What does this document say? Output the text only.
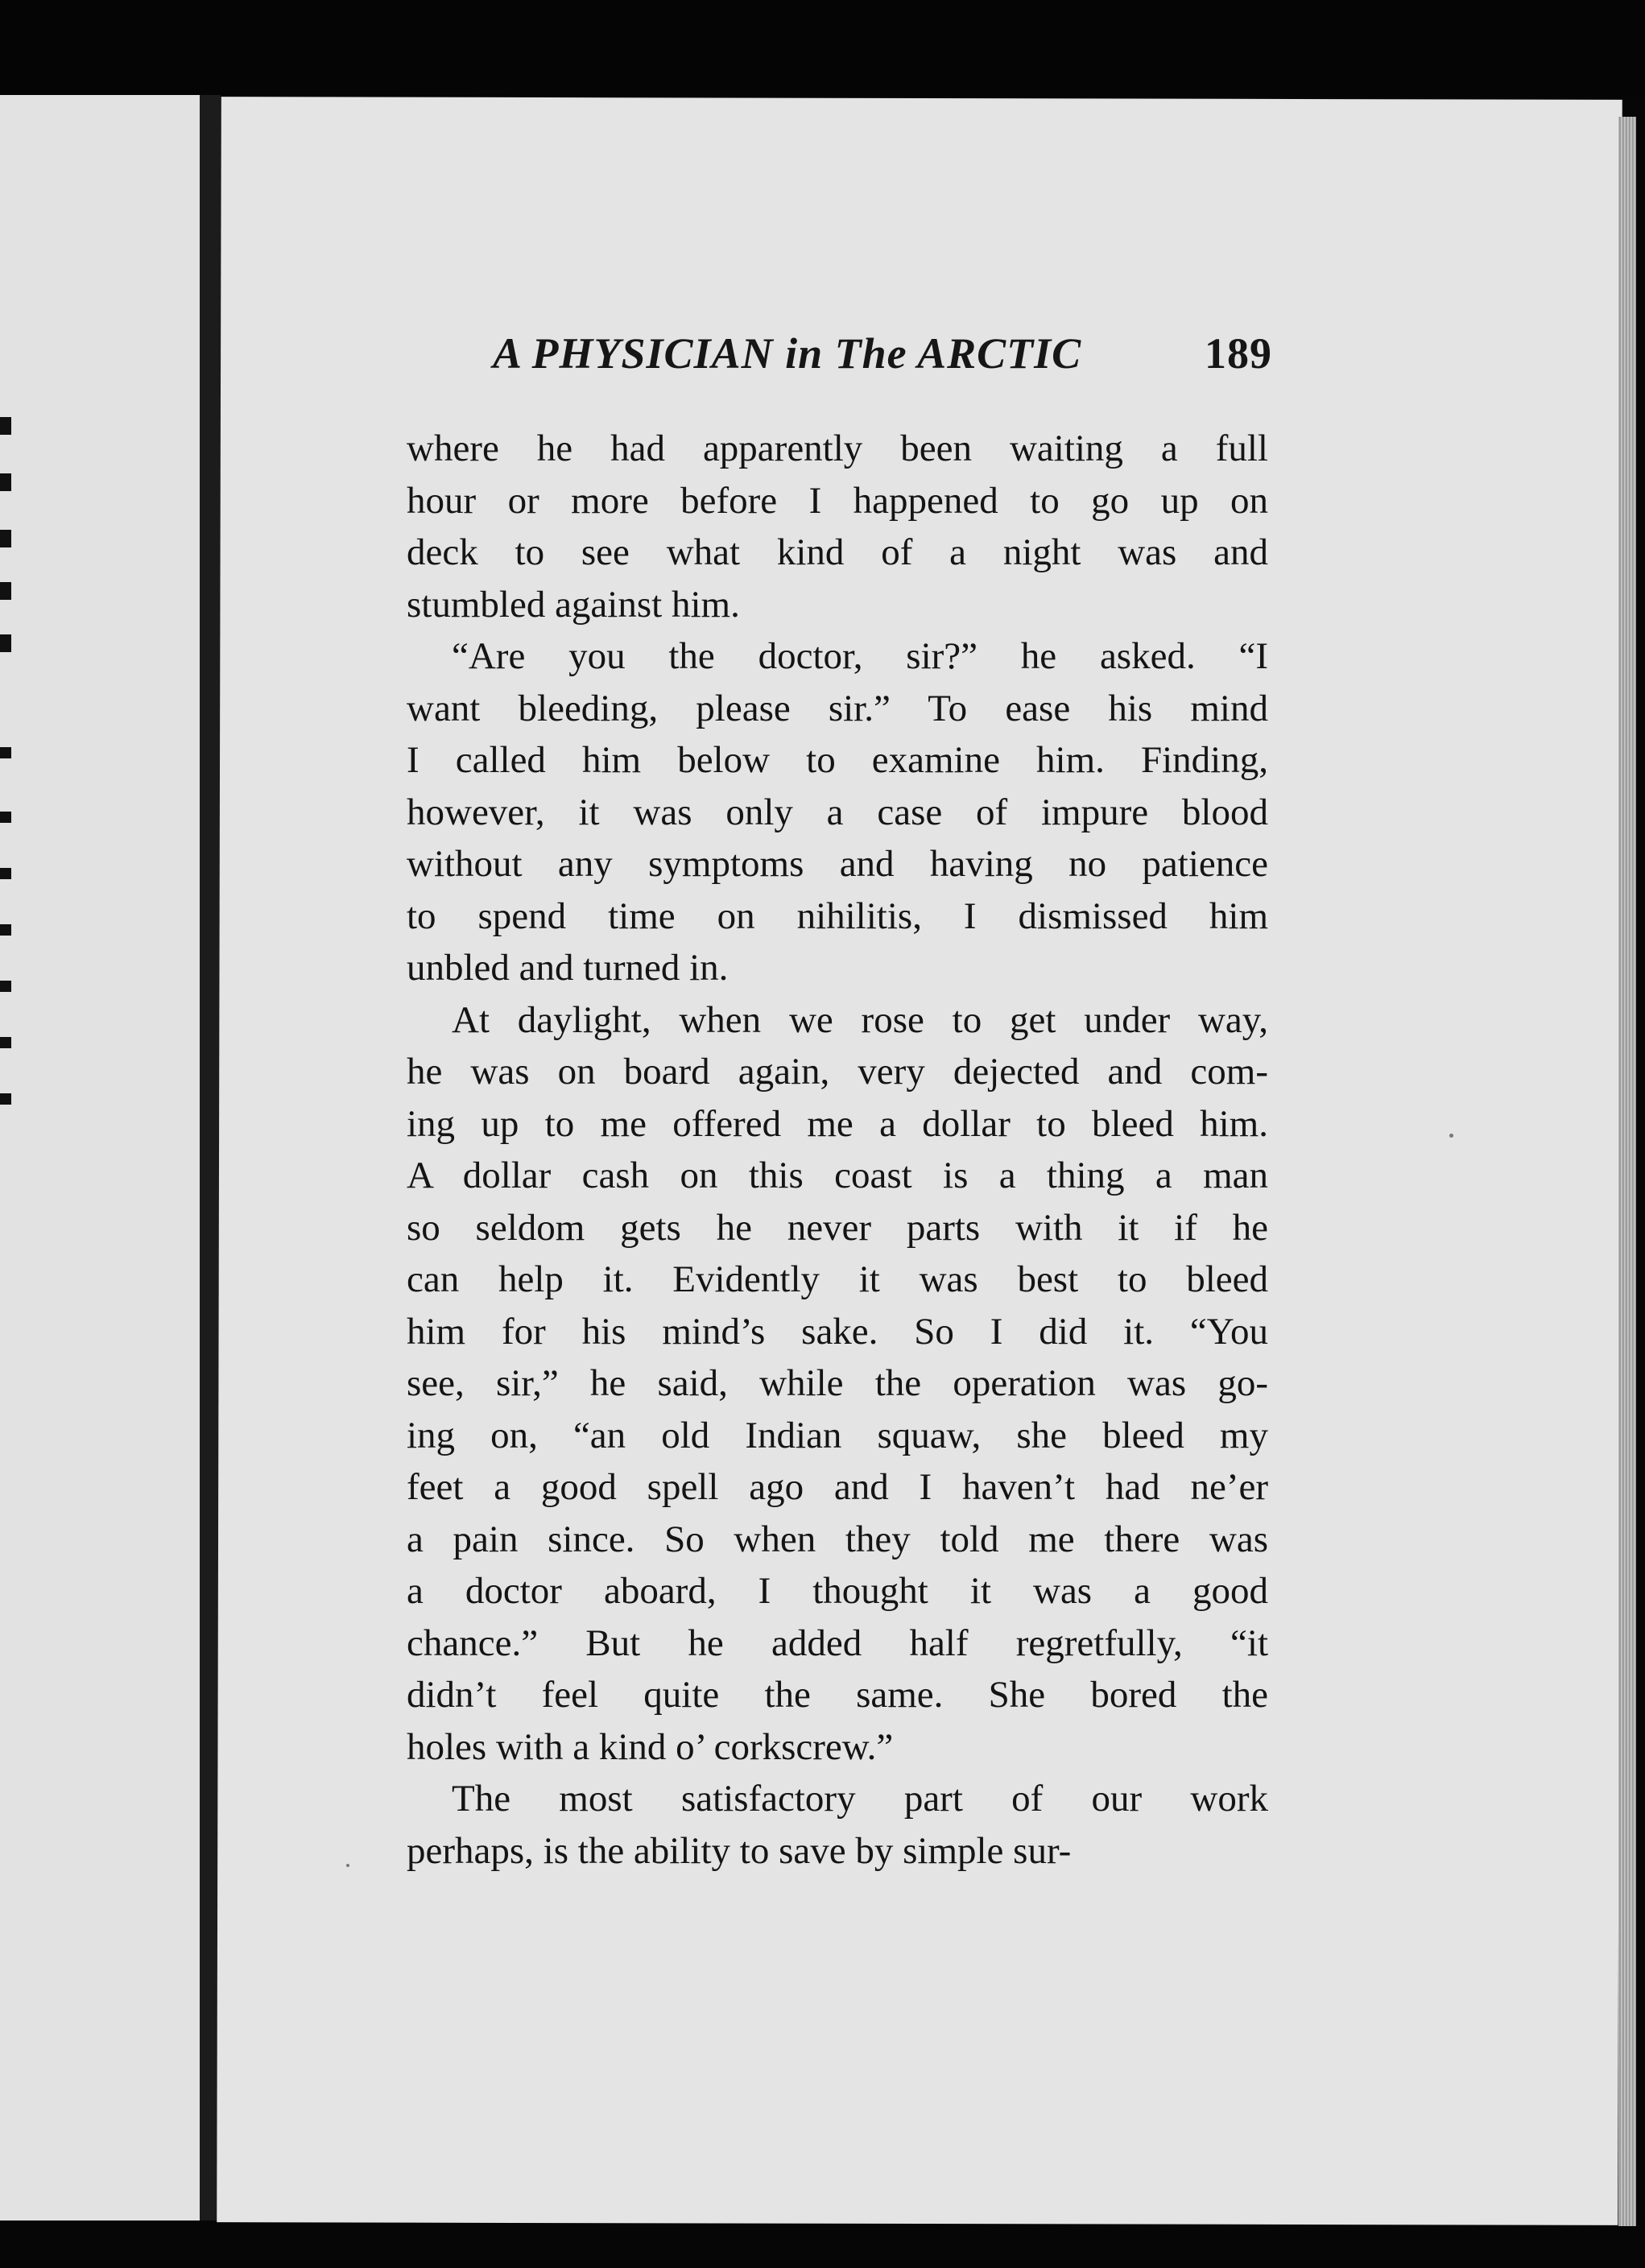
A PHYSICIAN in The ARCTIC	189
where he had apparently been waiting a full
hour or more before I happened to go up on
deck to see what kind of a night was and
stumbled against him.
“Are you the doctor, sir?” he asked. “I
want bleeding, please sir.” To ease his mind
I called him below to examine him. Finding,
however, it was only a case of impure blood
without any symptoms and having no patience
to spend time on nihilitis, I dismissed him
unbled and turned in.
At daylight, when we rose to get under way,
he was on board again, very dejected and com-
ing up to me offered me a dollar to bleed him.
A dollar cash on this coast is a thing a man
so seldom gets he never parts with it if he
can help it. Evidently it was best to bleed
him for his mind’s sake. So I did it. “You
see, sir,” he said, while the operation was go-
ing on, “an old Indian squaw, she bleed my
feet a good spell ago and I haven’t had ne’er
a pain since. So when they told me there was
a doctor aboard, I thought it was a good
chance.” But he added half regretfully, “it
didn’t feel quite the same. She bored the
holes with a kind o’ corkscrew.”
The most satisfactory part of our work
perhaps, is the ability to save by simple sur-
